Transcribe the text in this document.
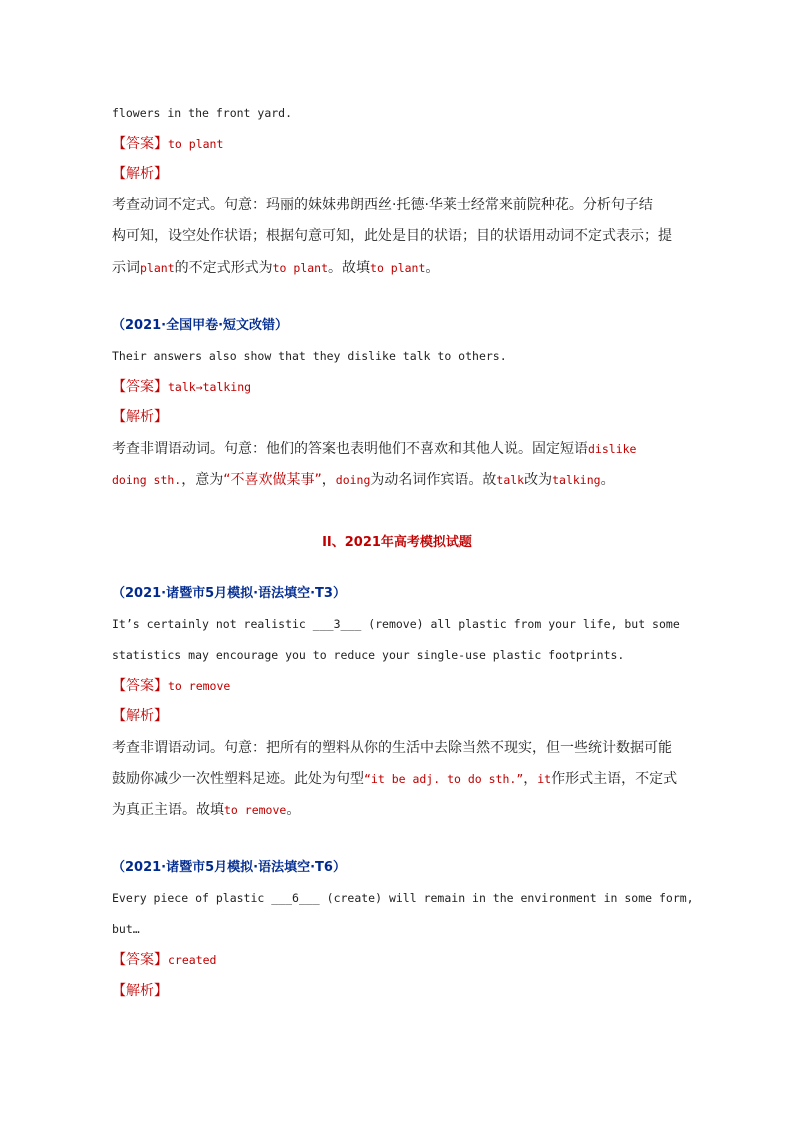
flowers in the front yard.
【答案】to plant
【解析】
考查动词不定式。句意：玛丽的妹妹弗朗西丝·托德·华莱士经常来前院种花。分析句子结
构可知，设空处作状语；根据句意可知，此处是目的状语；目的状语用动词不定式表示；提
示词plant的不定式形式为to plant。故填to plant。
（2021·全国甲卷·短文改错）
Their answers also show that they dislike talk to others.
【答案】talk→talking
【解析】
考查非谓语动词。句意：他们的答案也表明他们不喜欢和其他人说。固定短语dislike
doing sth.，意为“不喜欢做某事”，doing为动名词作宾语。故talk改为talking。
II、2021年高考模拟试题
（2021·诸暨市5月模拟·语法填空·T3）
It’s certainly not realistic ___3___ (remove) all plastic from your life, but some
statistics may encourage you to reduce your single-use plastic footprints.
【答案】to remove
【解析】
考查非谓语动词。句意：把所有的塑料从你的生活中去除当然不现实，但一些统计数据可能
鼓励你减少一次性塑料足迹。此处为句型“it be adj. to do sth.”，it作形式主语，不定式
为真正主语。故填to remove。
（2021·诸暨市5月模拟·语法填空·T6）
Every piece of plastic ___6___ (create) will remain in the environment in some form,
but…
【答案】created
【解析】
